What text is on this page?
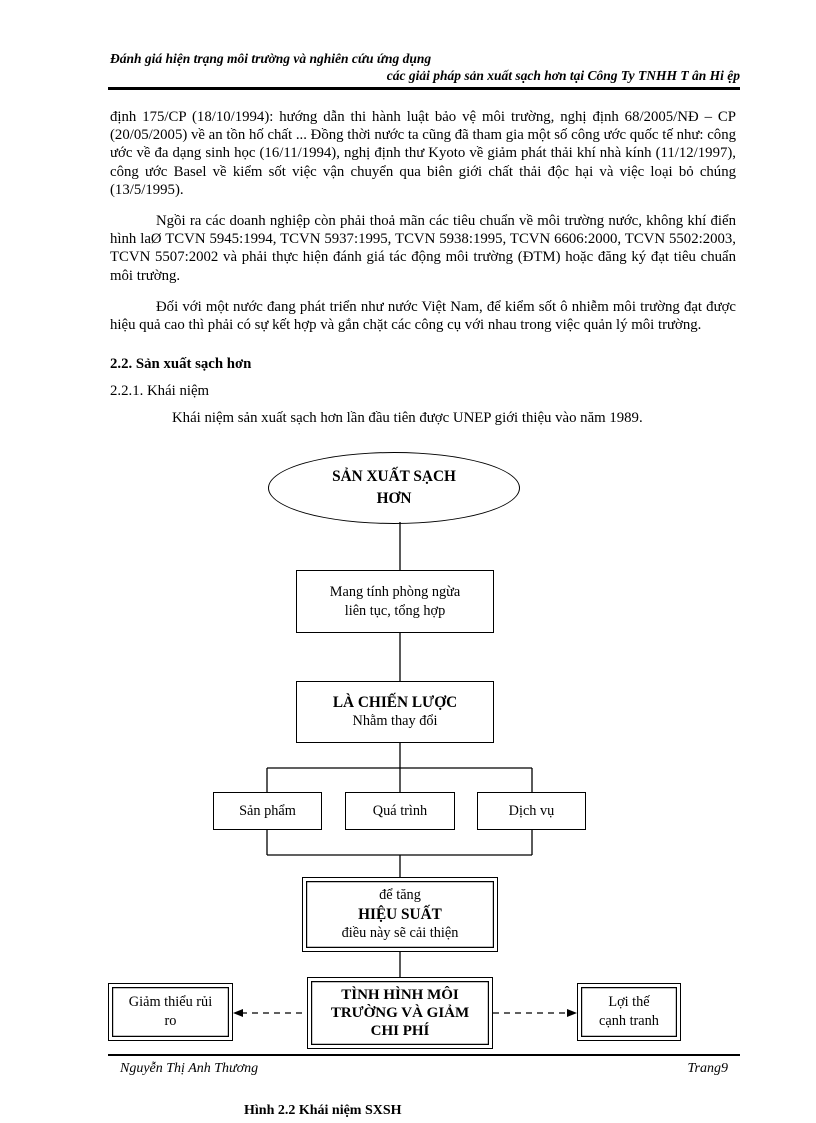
Đánh giá hiện trạng môi trường và nghiên cứu ứng dụng
các giải pháp sản xuất sạch hơn tại Công Ty TNHH T ân Hi ệp

định 175/CP (18/10/1994): hướng dẫn thi hành luật bảo vệ môi trường, nghị định 68/2005/NĐ – CP (20/05/2005) về an tồn hố chất ... Đồng thời nước ta cũng đã tham gia một số công ước quốc tế như: công ước về đa dạng sinh học (16/11/1994), nghị định thư Kyoto về giảm phát thải khí nhà kính (11/12/1997), công ước Basel về kiểm sốt việc vận chuyển qua biên giới chất thải độc hại và việc loại bỏ chúng (13/5/1995).

Ngồi ra các doanh nghiệp còn phải thoả mãn các tiêu chuẩn về môi trường nước, không khí điển hình laØ TCVN 5945:1994, TCVN 5937:1995, TCVN 5938:1995, TCVN 6606:2000, TCVN 5502:2003, TCVN 5507:2002 và phải thực hiện đánh giá tác động môi trường (ĐTM) hoặc đăng ký đạt tiêu chuẩn môi trường.

Đối với một nước đang phát triển như nước Việt Nam, để kiểm sốt ô nhiễm môi trường đạt được hiệu quả cao thì phải có sự kết hợp và gắn chặt các công cụ với nhau trong việc quản lý môi trường.

2.2. Sản xuất sạch hơn
2.2.1. Khái niệm
Khái niệm sản xuất sạch hơn lần đầu tiên được UNEP giới thiệu vào năm 1989.
SẢN XUẤT SẠCH
HƠN
Mang tính phòng ngừa
liên tục, tổng hợp
LÀ CHIẾN LƯỢC
Nhằm thay đổi
Sản phẩm	Quá trình	Dịch vụ
để tăng
HIỆU SUẤT
điều này sẽ cải thiện
TÌNH HÌNH MÔI
TRƯỜNG VÀ GIẢM
CHI PHÍ
Giảm thiểu rủi
ro
Lợi thế
cạnh tranh
Nguyễn Thị Anh Thương	Trang9
Hình 2.2 Khái niệm SXSH
